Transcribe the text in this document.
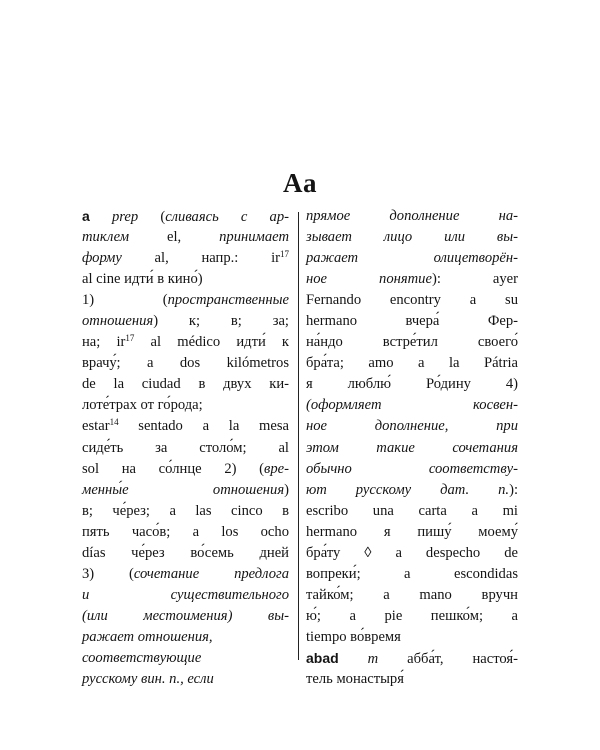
Aa
a prep (сливаясь с ар-
тиклем el, принимает
форму al, напр.: $ir^{17}$
al cine идти́ в кино́)
1) (пространственные
отношения) к; в; за;
на; $ir^{17}$ al médico идти́ к
врачу́; a dos kilómetros
de la ciudad в двух ки-
лоте́трах от го́рода;
estar$^{14}$ sentado a la mesa
сиде́ть за столо́м; al
sol на со́лнце 2) (вре-
менны́е отношения)
в; че́рез; a las cinco в
пять часо́в; a los ocho
días че́рез во́семь дней
3) (сочетание предлога
и существительного
(или местоимения) вы-
ражает отношения,
соответствующие
русскому вин. п., если
прямое дополнение на-
зывает лицо или вы-
ражает олицетворён-
ное понятие): ayer
Fernando encontry a su
hermano вчера́ Фер-
на́ндо встре́тил своего́
бра́та; amo a la Pátria
я люблю́ Ро́дину 4)
(оформляет косвен-
ное дополнение, при
этом такие сочетания
обычно соответству-
ют русскому дат. п.):
escribo una carta a mi
hermano я пишу́ моему́
бра́ту ◊ a despecho de
вопреки́; a escondidas
тайко́м; a mano вручн
ю́; a pie пешко́м; a
tiempo во́время
abad m абба́т, настоя́-
тель монастыря́
